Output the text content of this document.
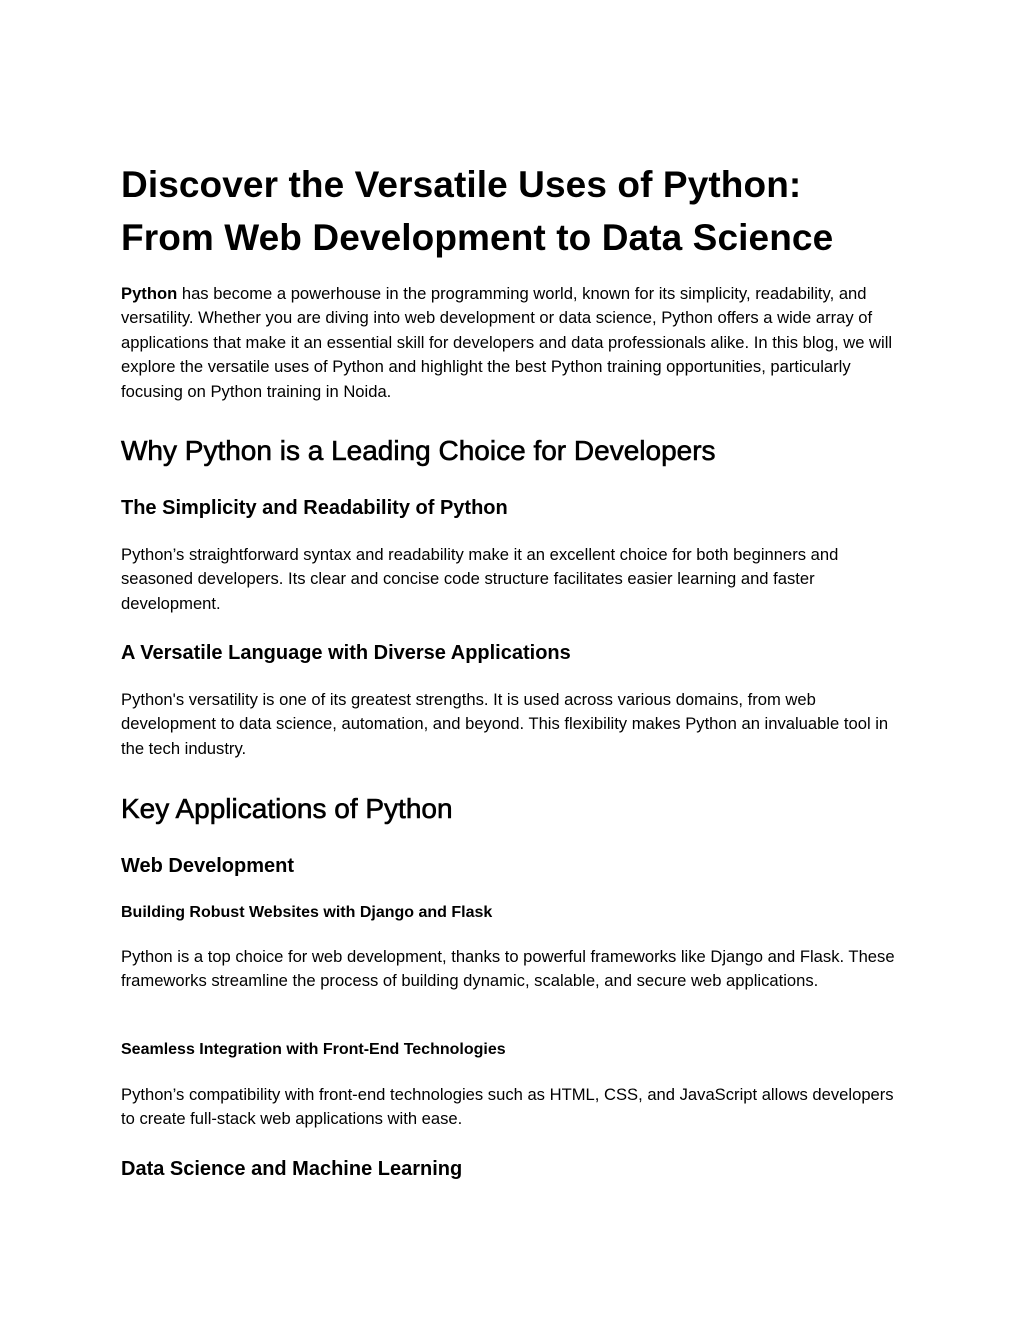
Discover the Versatile Uses of Python:
From Web Development to Data Science

Python has become a powerhouse in the programming world, known for its simplicity, readability, and versatility. Whether you are diving into web development or data science, Python offers a wide array of applications that make it an essential skill for developers and data professionals alike. In this blog, we will explore the versatile uses of Python and highlight the best Python training opportunities, particularly focusing on Python training in Noida.

Why Python is a Leading Choice for Developers
The Simplicity and Readability of Python

Python’s straightforward syntax and readability make it an excellent choice for both beginners and seasoned developers. Its clear and concise code structure facilitates easier learning and faster development.

A Versatile Language with Diverse Applications

Python's versatility is one of its greatest strengths. It is used across various domains, from web development to data science, automation, and beyond. This flexibility makes Python an invaluable tool in the tech industry.

Key Applications of Python
Web Development
Building Robust Websites with Django and Flask

Python is a top choice for web development, thanks to powerful frameworks like Django and Flask. These frameworks streamline the process of building dynamic, scalable, and secure web applications.

Seamless Integration with Front-End Technologies

Python’s compatibility with front-end technologies such as HTML, CSS, and JavaScript allows developers to create full-stack web applications with ease.

Data Science and Machine Learning
